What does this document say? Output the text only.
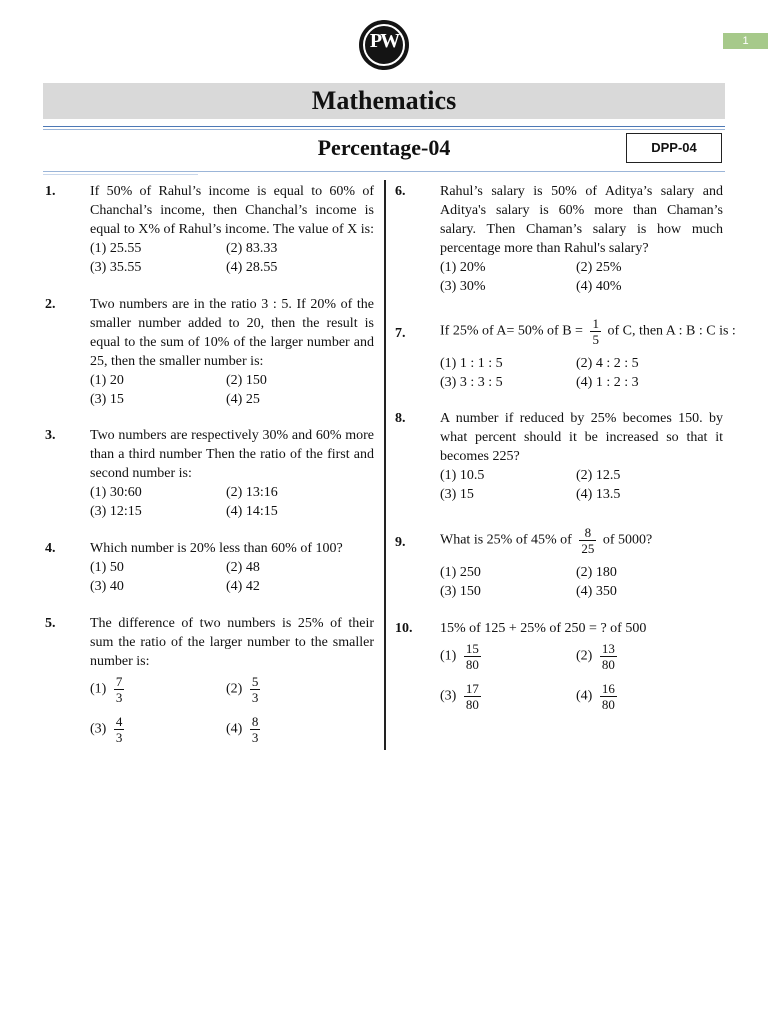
1
PW
Mathematics
Percentage-04	DPP-04
1. If 50% of Rahul’s income is equal to 60% of Chanchal’s income, then Chanchal’s income is equal to X% of Rahul’s income. The value of X is:
(1) 25.55	(2) 83.33
(3) 35.55	(4) 28.55
2. Two numbers are in the ratio 3 : 5. If 20% of the smaller number added to 20, then the result is equal to the sum of 10% of the larger number and 25, then the smaller number is:
(1) 20	(2) 150
(3) 15	(4) 25
3. Two numbers are respectively 30% and 60% more than a third number Then the ratio of the first and second number is:
(1) 30:60	(2) 13:16
(3) 12:15	(4) 14:15
4. Which number is 20% less than 60% of 100?
(1) 50	(2) 48
(3) 40	(4) 42
5. The difference of two numbers is 25% of their sum the ratio of the larger number to the smaller number is:
$(1) \frac{7}{3}$	$(2) \frac{5}{3}$
$(3) \frac{4}{3}$	$(4) \frac{8}{3}$
6. Rahul’s salary is 50% of Aditya’s salary and Aditya's salary is 60% more than Chaman’s salary. Then Chaman’s salary is how much percentage more than Rahul's salary?
(1) 20%	(2) 25%
(3) 30%	(4) 40%
7. If 25% of A= 50% of $B = \frac{1}{5}$ of C, then A : B : C is :
(1) 1 : 1 : 5	(2) 4 : 2 : 5
(3) 3 : 3 : 5	(4) 1 : 2 : 3
8. A number if reduced by 25% becomes 150. by what percent should it be increased so that it becomes 225?
(1) 10.5	(2) 12.5
(3) 15	(4) 13.5
9. What is 25% of 45% of $\frac{8}{25}$ of 5000?
(1) 250	(2) 180
(3) 150	(4) 350
10. 15% of 125 + 25% of 250 = ? of 500
$(1) \frac{15}{80}$	$(2) \frac{13}{80}$
$(3) \frac{17}{80}$	$(4) \frac{16}{80}$
